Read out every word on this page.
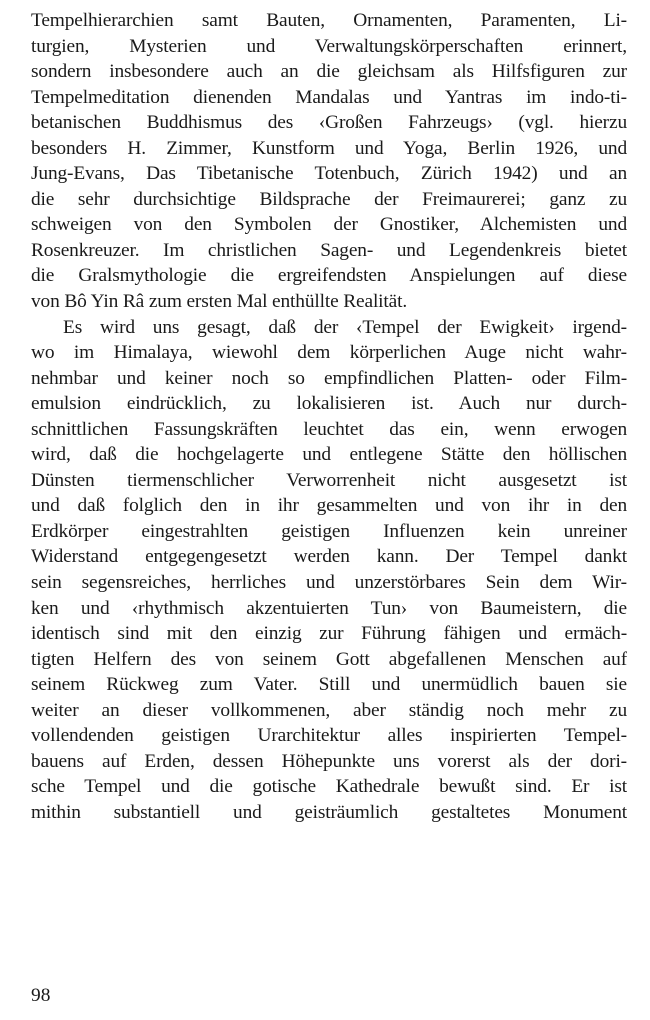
Tempelhierarchien samt Bauten, Ornamenten, Paramenten, Li-
turgien, Mysterien und Verwaltungskörperschaften erinnert,
sondern insbesondere auch an die gleichsam als Hilfsfiguren zur
Tempelmeditation dienenden Mandalas und Yantras im indo-ti-
betanischen Buddhismus des ‹Großen Fahrzeugs› (vgl. hierzu
besonders H. Zimmer, Kunstform und Yoga, Berlin 1926, und
Jung-Evans, Das Tibetanische Totenbuch, Zürich 1942) und an
die sehr durchsichtige Bildsprache der Freimaurerei; ganz zu
schweigen von den Symbolen der Gnostiker, Alchemisten und
Rosenkreuzer. Im christlichen Sagen- und Legendenkreis bietet
die Gralsmythologie die ergreifendsten Anspielungen auf diese
von Bô Yin Râ zum ersten Mal enthüllte Realität.
Es wird uns gesagt, daß der ‹Tempel der Ewigkeit› irgend-
wo im Himalaya, wiewohl dem körperlichen Auge nicht wahr-
nehmbar und keiner noch so empfindlichen Platten- oder Film-
emulsion eindrücklich, zu lokalisieren ist. Auch nur durch-
schnittlichen Fassungskräften leuchtet das ein, wenn erwogen
wird, daß die hochgelagerte und entlegene Stätte den höllischen
Dünsten tiermenschlicher Verworrenheit nicht ausgesetzt ist
und daß folglich den in ihr gesammelten und von ihr in den
Erdkörper eingestrahlten geistigen Influenzen kein unreiner
Widerstand entgegengesetzt werden kann. Der Tempel dankt
sein segensreiches, herrliches und unzerstörbares Sein dem Wir-
ken und ‹rhythmisch akzentuierten Tun› von Baumeistern, die
identisch sind mit den einzig zur Führung fähigen und ermäch-
tigten Helfern des von seinem Gott abgefallenen Menschen auf
seinem Rückweg zum Vater. Still und unermüdlich bauen sie
weiter an dieser vollkommenen, aber ständig noch mehr zu
vollendenden geistigen Urarchitektur alles inspirierten Tempel-
bauens auf Erden, dessen Höhepunkte uns vorerst als der dori-
sche Tempel und die gotische Kathedrale bewußt sind. Er ist
mithin substantiell und geisträumlich gestaltetes Monument
98
